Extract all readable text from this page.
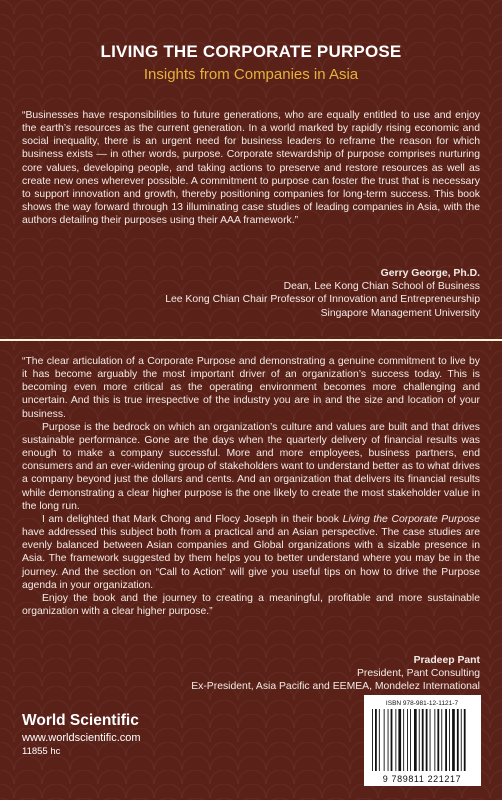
LIVING THE CORPORATE PURPOSE
Insights from Companies in Asia
“Businesses have responsibilities to future generations, who are equally entitled to use and enjoy the earth’s resources as the current generation. In a world marked by rapidly rising economic and social inequality, there is an urgent need for business leaders to reframe the reason for which business exists — in other words, purpose. Corporate stewardship of purpose comprises nurturing core values, developing people, and taking actions to preserve and restore resources as well as create new ones wherever possible. A commitment to purpose can foster the trust that is necessary to support innovation and growth, thereby positioning companies for long-term success. This book shows the way forward through 13 illuminating case studies of leading companies in Asia, with the authors detailing their purposes using their AAA framework.”
Gerry George, Ph.D.
Dean, Lee Kong Chian School of Business
Lee Kong Chian Chair Professor of Innovation and Entrepreneurship
Singapore Management University

“The clear articulation of a Corporate Purpose and demonstrating a genuine commitment to live by it has become arguably the most important driver of an organization’s success today. This is becoming even more critical as the operating environment becomes more challenging and uncertain. And this is true irrespective of the industry you are in and the size and location of your business.

Purpose is the bedrock on which an organization’s culture and values are built and that drives sustainable performance. Gone are the days when the quarterly delivery of financial results was enough to make a company successful. More and more employees, business partners, end consumers and an ever-widening group of stakeholders want to understand better as to what drives a company beyond just the dollars and cents. And an organization that delivers its financial results while demonstrating a clear higher purpose is the one likely to create the most stakeholder value in the long run.

I am delighted that Mark Chong and Flocy Joseph in their book Living the Corporate Purpose have addressed this subject both from a practical and an Asian perspective. The case studies are evenly balanced between Asian companies and Global organizations with a sizable presence in Asia. The framework suggested by them helps you to better understand where you may be in the journey. And the section on “Call to Action” will give you useful tips on how to drive the Purpose agenda in your organization.

Enjoy the book and the journey to creating a meaningful, profitable and more sustainable organization with a clear higher purpose.”

Pradeep Pant
President, Pant Consulting
Ex-President, Asia Pacific and EEMEA, Mondelez International
World Scientific
www.worldscientific.com
11855 hc
ISBN 978-981-12-1121-7
9 789811 221217
